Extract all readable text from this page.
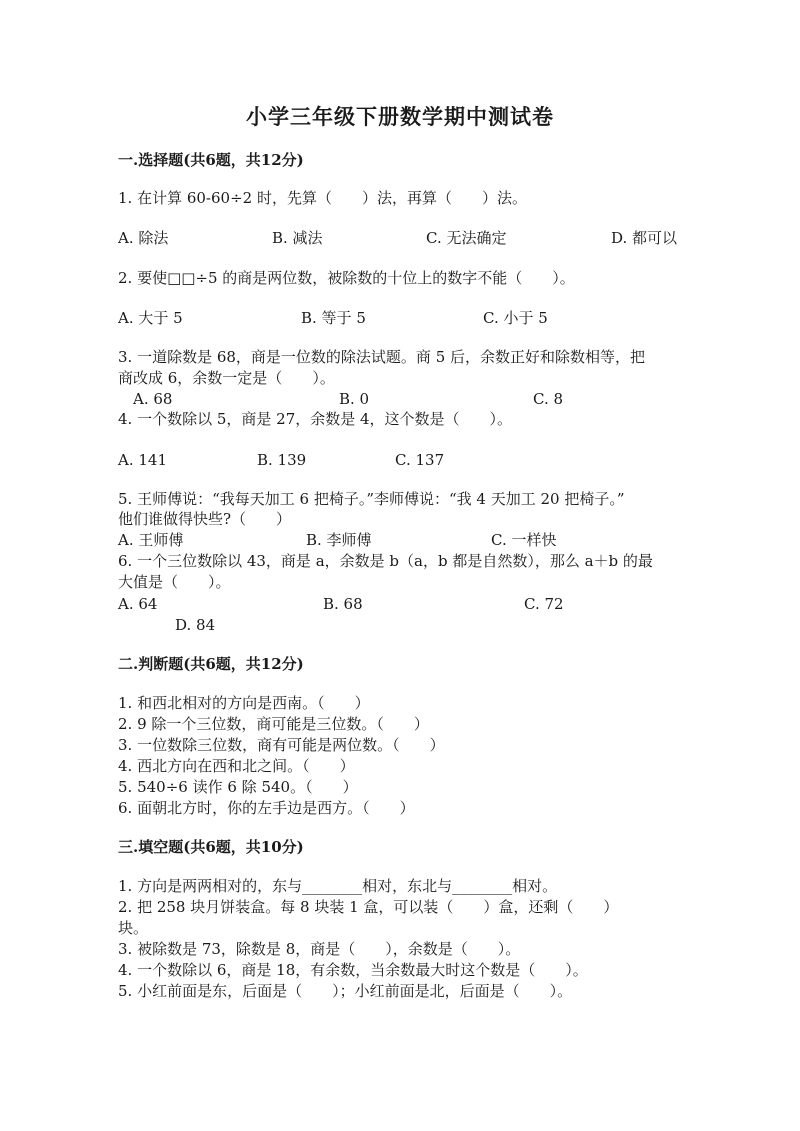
小学三年级下册数学期中测试卷
一.选择题(共6题，共12分)
1. 在计算 60-60÷2 时，先算（　　）法，再算（　　）法。
A. 除法	B. 减法	C. 无法确定	D. 都可以
2. 要使□□÷5 的商是两位数，被除数的十位上的数字不能（　　）。
A. 大于 5	B. 等于 5	C. 小于 5
3. 一道除数是 68，商是一位数的除法试题。商 5 后，余数正好和除数相等，把
商改成 6，余数一定是（　　）。
A. 68	B. 0	C. 8
4. 一个数除以 5，商是 27，余数是 4，这个数是（　　）。
A. 141	B. 139	C. 137
5. 王师傅说：“我每天加工 6 把椅子。”李师傅说：“我 4 天加工 20 把椅子。”
他们谁做得快些?（　　）
A. 王师傅	B. 李师傅	C. 一样快
6. 一个三位数除以 43，商是 a，余数是 b（a，b 都是自然数），那么 a＋b 的最
大值是（　　）。
A. 64	B. 68	C. 72
D. 84
二.判断题(共6题，共12分)
1. 和西北相对的方向是西南。（　　）
2. 9 除一个三位数，商可能是三位数。（　　）
3. 一位数除三位数，商有可能是两位数。（　　）
4. 西北方向在西和北之间。（　　）
5. 540÷6 读作 6 除 540。（　　）
6. 面朝北方时，你的左手边是西方。（　　）
三.填空题(共6题，共10分)
1. 方向是两两相对的，东与________相对，东北与________相对。
2. 把 258 块月饼装盒。每 8 块装 1 盒，可以装（　　）盒，还剩（　　）
块。
3. 被除数是 73，除数是 8，商是（　　），余数是（　　）。
4. 一个数除以 6，商是 18，有余数，当余数最大时这个数是（　　）。
5. 小红前面是东，后面是（　　）；小红前面是北，后面是（　　）。
